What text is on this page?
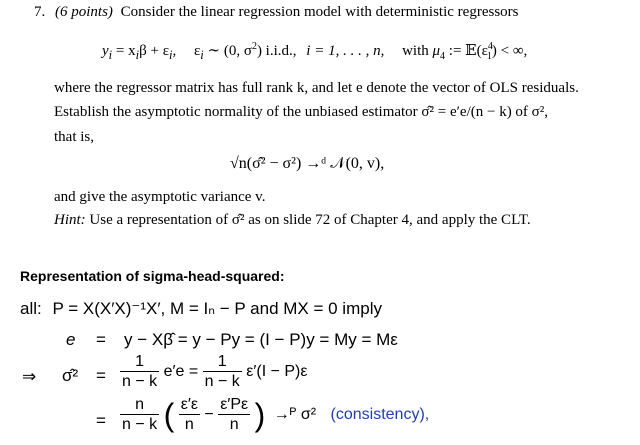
7. (6 points) Consider the linear regression model with deterministic regressors
$y_i = x_i\beta + \varepsilon_i$, $\varepsilon_i$ ∼ (0, $\sigma^2$) i.i.d., i = 1, . . . , n, with $\mu_4$ := $𝔼(\varepsilon^4_1)$ < ∞,
where the regressor matrix has full rank k, and let e denote the vector of OLS residuals.
Establish the asymptotic normality of the unbiased estimator σ̂² = e′e/(n − k) of σ²,
that is,
√n(σ̂² − σ²) →ᵈ 𝒩(0, v),
and give the asymptotic variance v.
Hint: Use a representation of σ̂² as on slide 72 of Chapter 4, and apply the CLT.
Representation of sigma-head-squared:
all: P = X(X′X)⁻¹X′, M = Iₙ − P and MX = 0 imply
e = y − Xβ̂ = y − Py = (I − P)y = My = Mε
⇒ σ̂² = $\frac{1}{n - k} e'e = \frac{1}{n - k} \varepsilon'(I - P)\varepsilon$
= $\frac{n}{n - k}$ ( $\frac{\varepsilon'\varepsilon}{n} - \frac{\varepsilon'P\varepsilon}{n}$ ) →ᴾ σ² (consistency),
